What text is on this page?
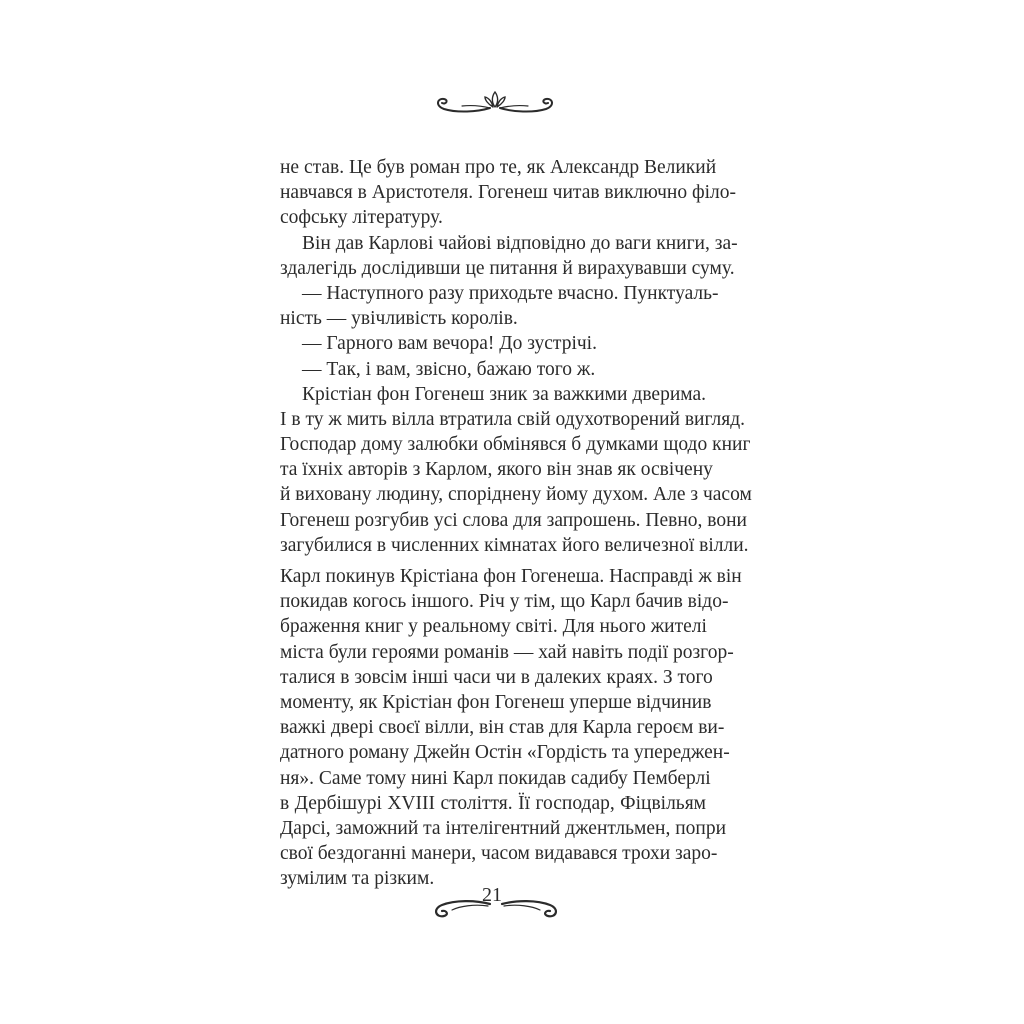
не став. Це був роман про те, як Александр Великий
навчався в Аристотеля. Гогенеш читав виключно філо-
софську літературу.
Він дав Карлові чайові відповідно до ваги книги, за-
здалегідь дослідивши це питання й вирахувавши суму.
— Наступного разу приходьте вчасно. Пунктуаль-
ність — увічливість королів.
— Гарного вам вечора! До зустрічі.
— Так, і вам, звісно, бажаю того ж.
Крістіан фон Гогенеш зник за важкими дверима.
І в ту ж мить вілла втратила свій одухотворений вигляд.
Господар дому залюбки обмінявся б думками щодо книг
та їхніх авторів з Карлом, якого він знав як освічену
й виховану людину, споріднену йому духом. Але з часом
Гогенеш розгубив усі слова для запрошень. Певно, вони
загубилися в численних кімнатах його величезної вілли.
Карл покинув Крістіана фон Гогенеша. Насправді ж він
покидав когось іншого. Річ у тім, що Карл бачив відо-
браження книг у реальному світі. Для нього жителі
міста були героями романів — хай навіть події розгор-
талися в зовсім інші часи чи в далеких краях. З того
моменту, як Крістіан фон Гогенеш уперше відчинив
важкі двері своєї вілли, він став для Карла героєм ви-
датного роману Джейн Остін «Гордість та упереджен-
ня». Саме тому нині Карл покидав садибу Пемберлі
в Дербішурі XVIII століття. Її господар, Фіцвільям
Дарсі, заможний та інтелігентний джентльмен, попри
свої бездоганні манери, часом видавався трохи заро-
зумілим та різким.
21
